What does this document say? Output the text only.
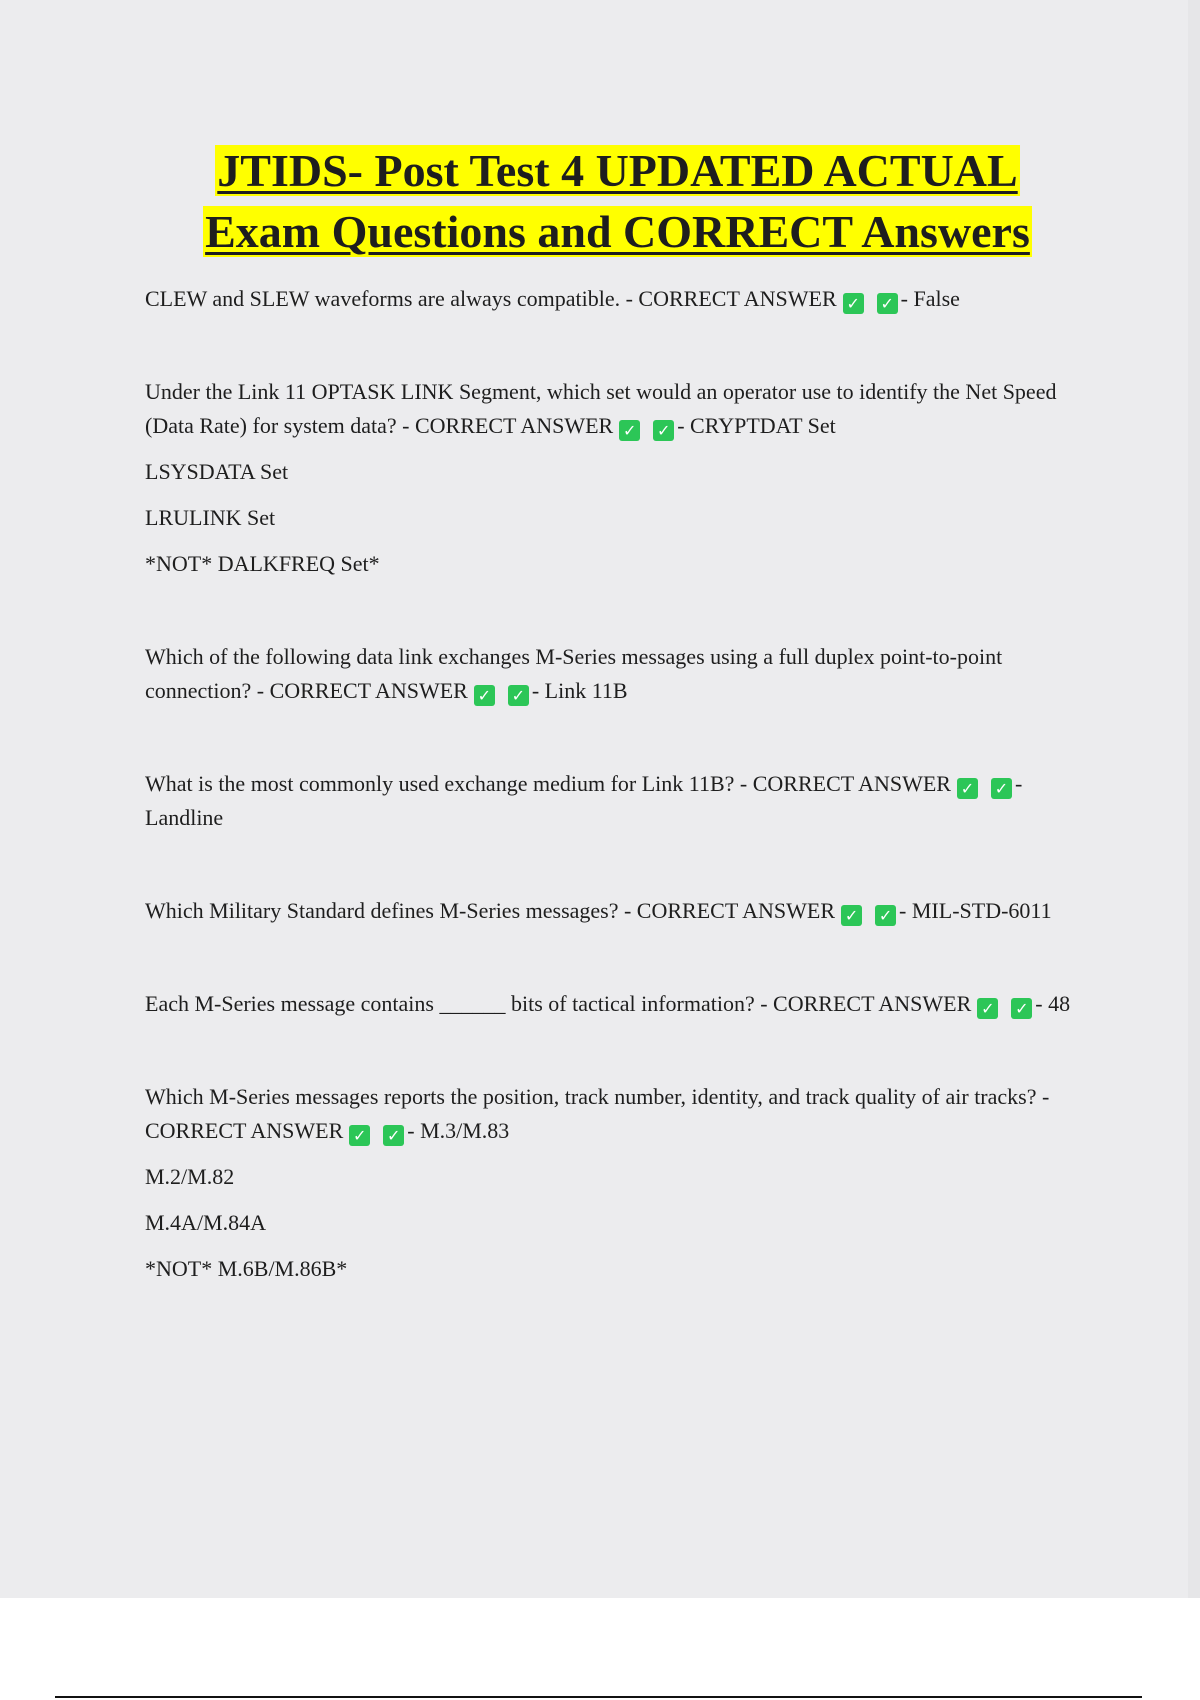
JTIDS- Post Test 4 UPDATED ACTUAL
Exam Questions and CORRECT Answers

CLEW and SLEW waveforms are always compatible. - CORRECT ANSWER ✓ ✓ - False

Under the Link 11 OPTASK LINK Segment, which set would an operator use to identify the Net Speed (Data Rate) for system data? - CORRECT ANSWER ✓ ✓ - CRYPTDAT Set

LSYSDATA Set

LRULINK Set

*NOT* DALKFREQ Set*

Which of the following data link exchanges M-Series messages using a full duplex point-to-point connection? - CORRECT ANSWER ✓ ✓ - Link 11B

What is the most commonly used exchange medium for Link 11B? - CORRECT ANSWER ✓ ✓ - Landline

Which Military Standard defines M-Series messages? - CORRECT ANSWER ✓ ✓ - MIL-STD-6011

Each M-Series message contains ______ bits of tactical information? - CORRECT ANSWER ✓ ✓ - 48

Which M-Series messages reports the position, track number, identity, and track quality of air tracks? - CORRECT ANSWER ✓ ✓ - M.3/M.83

M.2/M.82

M.4A/M.84A

*NOT* M.6B/M.86B*
